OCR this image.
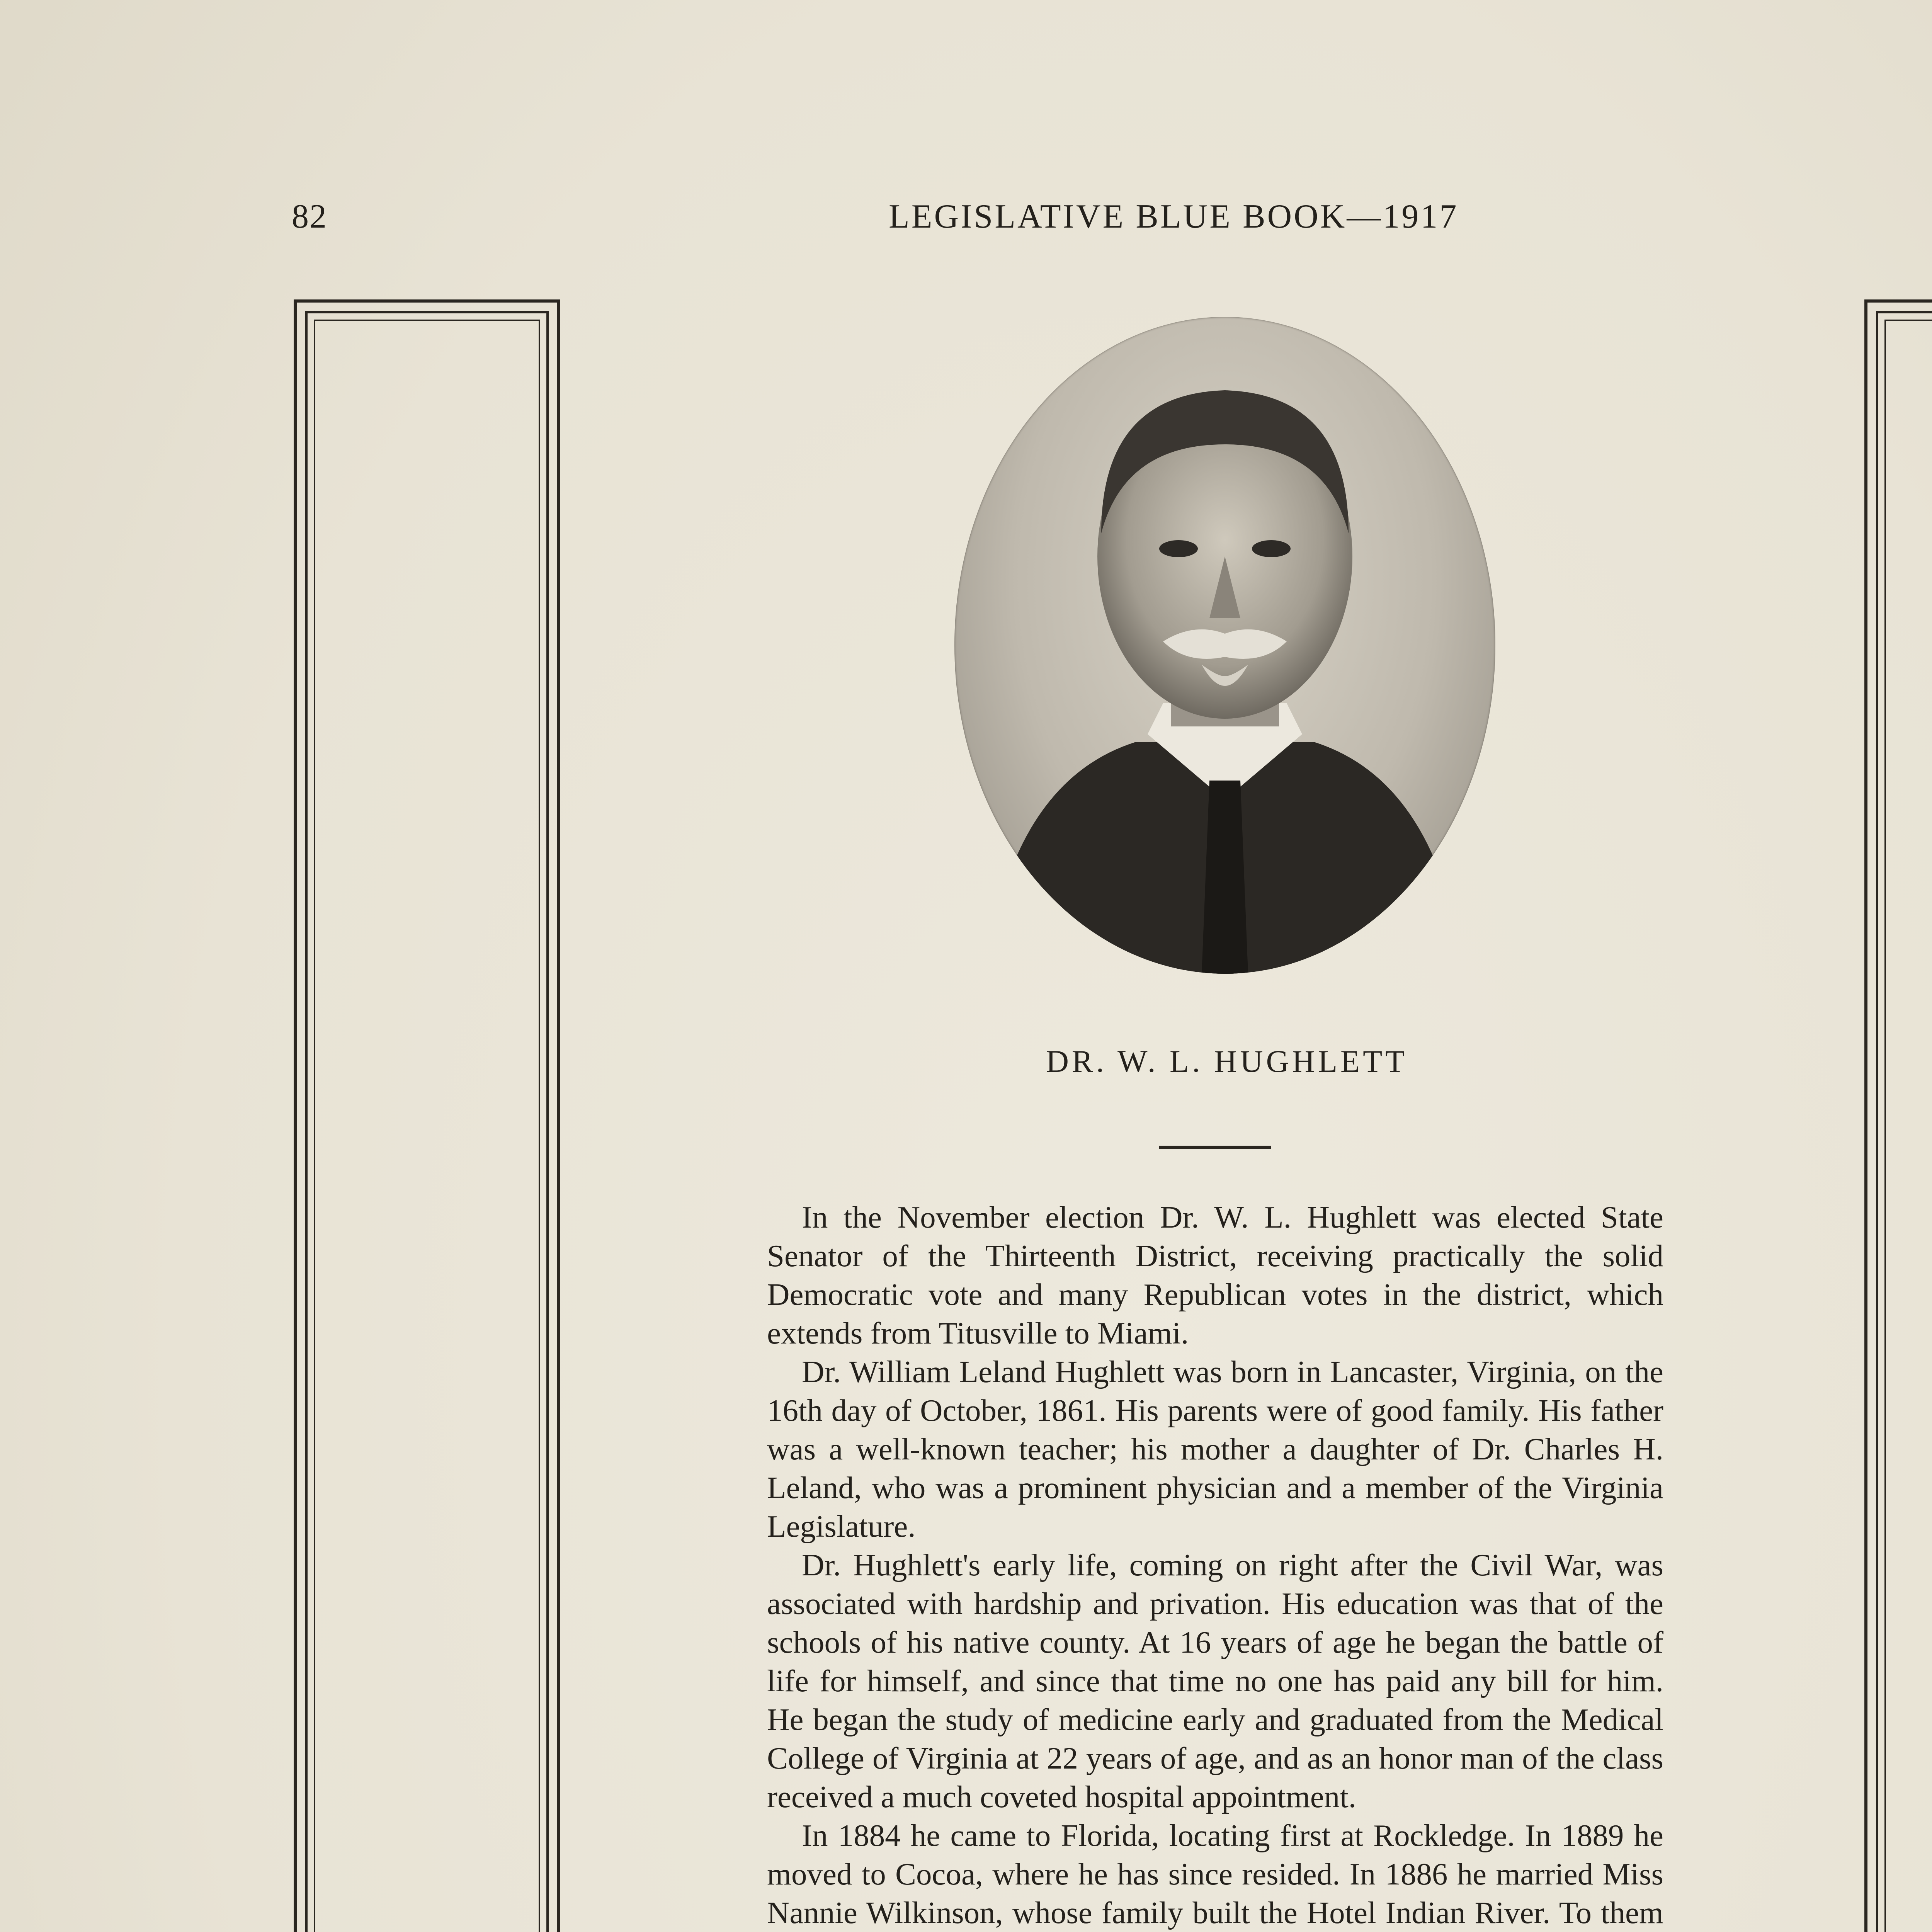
82	LEGISLATIVE BLUE BOOK—1917
DR. W. L. HUGHLETT

In the November election Dr. W. L. Hughlett was elected State Senator of the Thirteenth District, receiving practically the solid Democratic vote and many Republican votes in the district, which extends from Titusville to Miami.

Dr. William Leland Hughlett was born in Lancaster, Virginia, on the 16th day of October, 1861. His parents were of good family. His father was a well-known teacher; his mother a daughter of Dr. Charles H. Leland, who was a prominent physician and a member of the Virginia Legislature.

Dr. Hughlett's early life, coming on right after the Civil War, was associated with hardship and privation. His education was that of the schools of his native county. At 16 years of age he began the battle of life for himself, and since that time no one has paid any bill for him. He began the study of medicine early and graduated from the Medical College of Virginia at 22 years of age, and as an honor man of the class received a much coveted hospital appointment.

In 1884 he came to Florida, locating first at Rockledge. In 1889 he moved to Cocoa, where he has since resided. In 1886 he married Miss Nannie Wilkinson, whose family built the Hotel Indian River. To them
